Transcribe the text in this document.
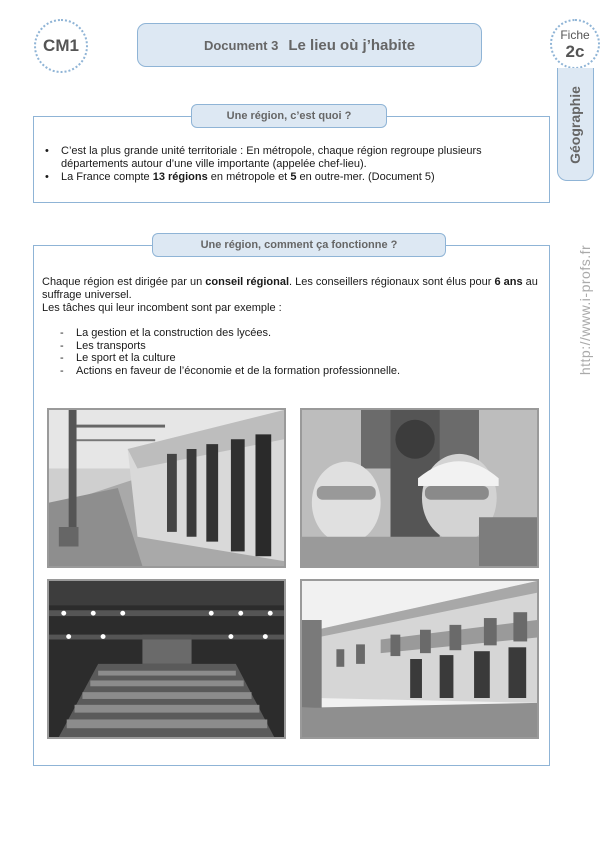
CM1	Document 3 Le lieu où j’habite
Fiche
2c
Géographie
http://www.i-profs.fr
Une région, c’est quoi ?
• C’est la plus grande unité territoriale : En métropole, chaque région regroupe plusieurs départements autour d’une ville importante (appelée chef-lieu).
• La France compte 13 régions en métropole et 5 en outre-mer. (Document 5)
Une région, comment ça fonctionne ?
Chaque région est dirigée par un conseil régional. Les conseillers régionaux sont élus pour 6 ans au suffrage universel.
Les tâches qui leur incombent sont par exemple :
- La gestion et la construction des lycées.
- Les transports
- Le sport et la culture
- Actions en faveur de l’économie et de la formation professionnelle.
